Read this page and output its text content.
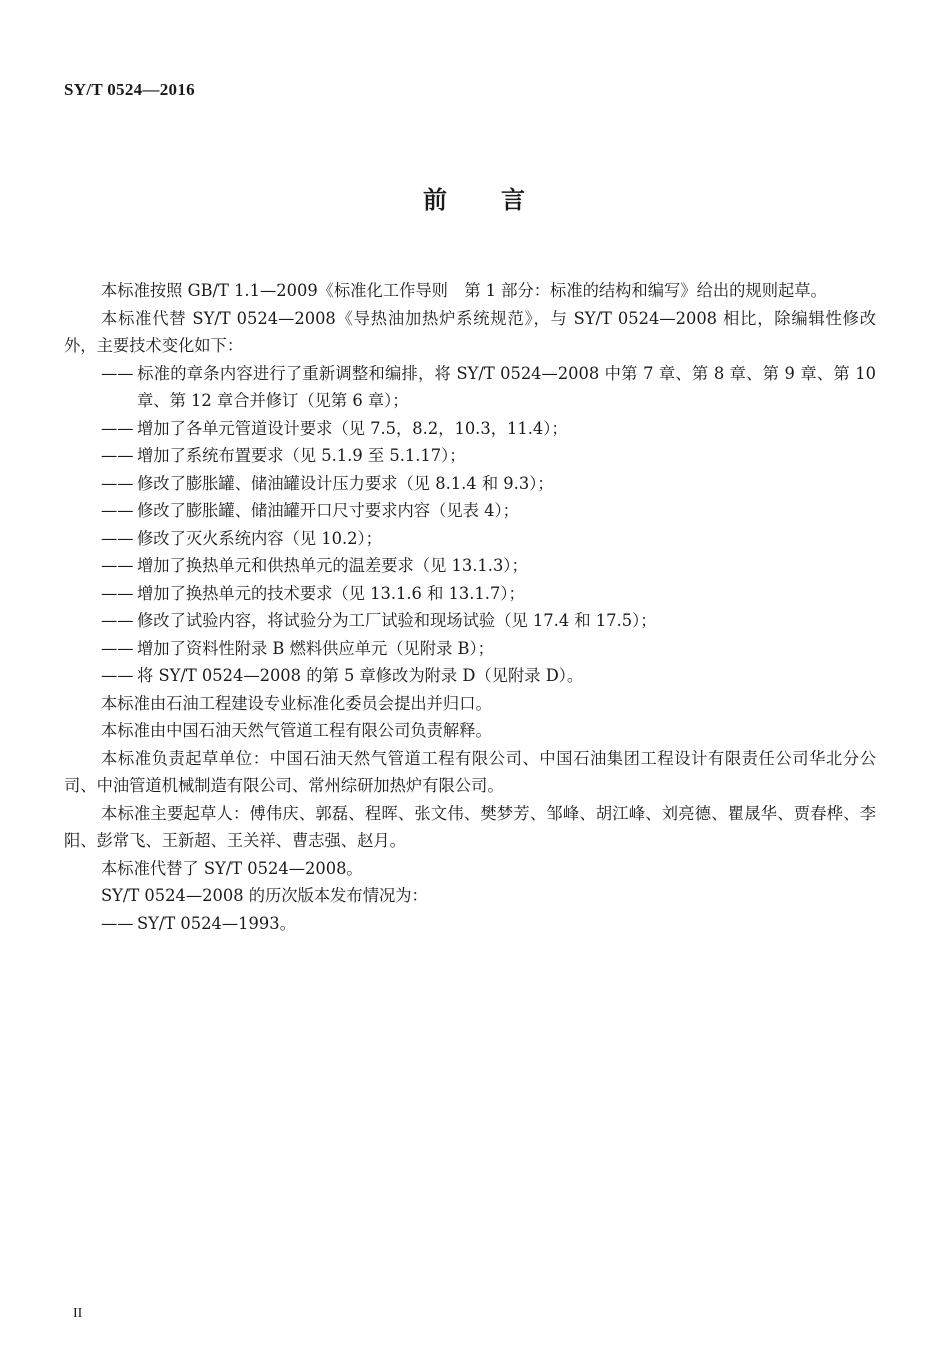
SY/T 0524—2016
前 言

本标准按照 GB/T 1.1—2009《标准化工作导则　第 1 部分：标准的结构和编写》给出的规则起草。

本标准代替 SY/T 0524—2008《导热油加热炉系统规范》，与 SY/T 0524—2008 相比，除编辑性修改外，主要技术变化如下：

—— 标准的章条内容进行了重新调整和编排，将 SY/T 0524—2008 中第 7 章、第 8 章、第 9 章、第 10 章、第 12 章合并修订（见第 6 章）；

—— 增加了各单元管道设计要求（见 7.5，8.2，10.3，11.4）；

—— 增加了系统布置要求（见 5.1.9 至 5.1.17）；

—— 修改了膨胀罐、储油罐设计压力要求（见 8.1.4 和 9.3）；

—— 修改了膨胀罐、储油罐开口尺寸要求内容（见表 4）；

—— 修改了灭火系统内容（见 10.2）；

—— 增加了换热单元和供热单元的温差要求（见 13.1.3）；

—— 增加了换热单元的技术要求（见 13.1.6 和 13.1.7）；

—— 修改了试验内容，将试验分为工厂试验和现场试验（见 17.4 和 17.5）；

—— 增加了资料性附录 B 燃料供应单元（见附录 B）；

—— 将 SY/T 0524—2008 的第 5 章修改为附录 D（见附录 D）。

本标准由石油工程建设专业标准化委员会提出并归口。

本标准由中国石油天然气管道工程有限公司负责解释。

本标准负责起草单位：中国石油天然气管道工程有限公司、中国石油集团工程设计有限责任公司华北分公司、中油管道机械制造有限公司、常州综研加热炉有限公司。

本标准主要起草人：傅伟庆、郭磊、程晖、张文伟、樊梦芳、邹峰、胡江峰、刘亮德、瞿晟华、贾春桦、李阳、彭常飞、王新超、王关祥、曹志强、赵月。

本标准代替了 SY/T 0524—2008。

SY/T 0524—2008 的历次版本发布情况为：

—— SY/T 0524—1993。

II
